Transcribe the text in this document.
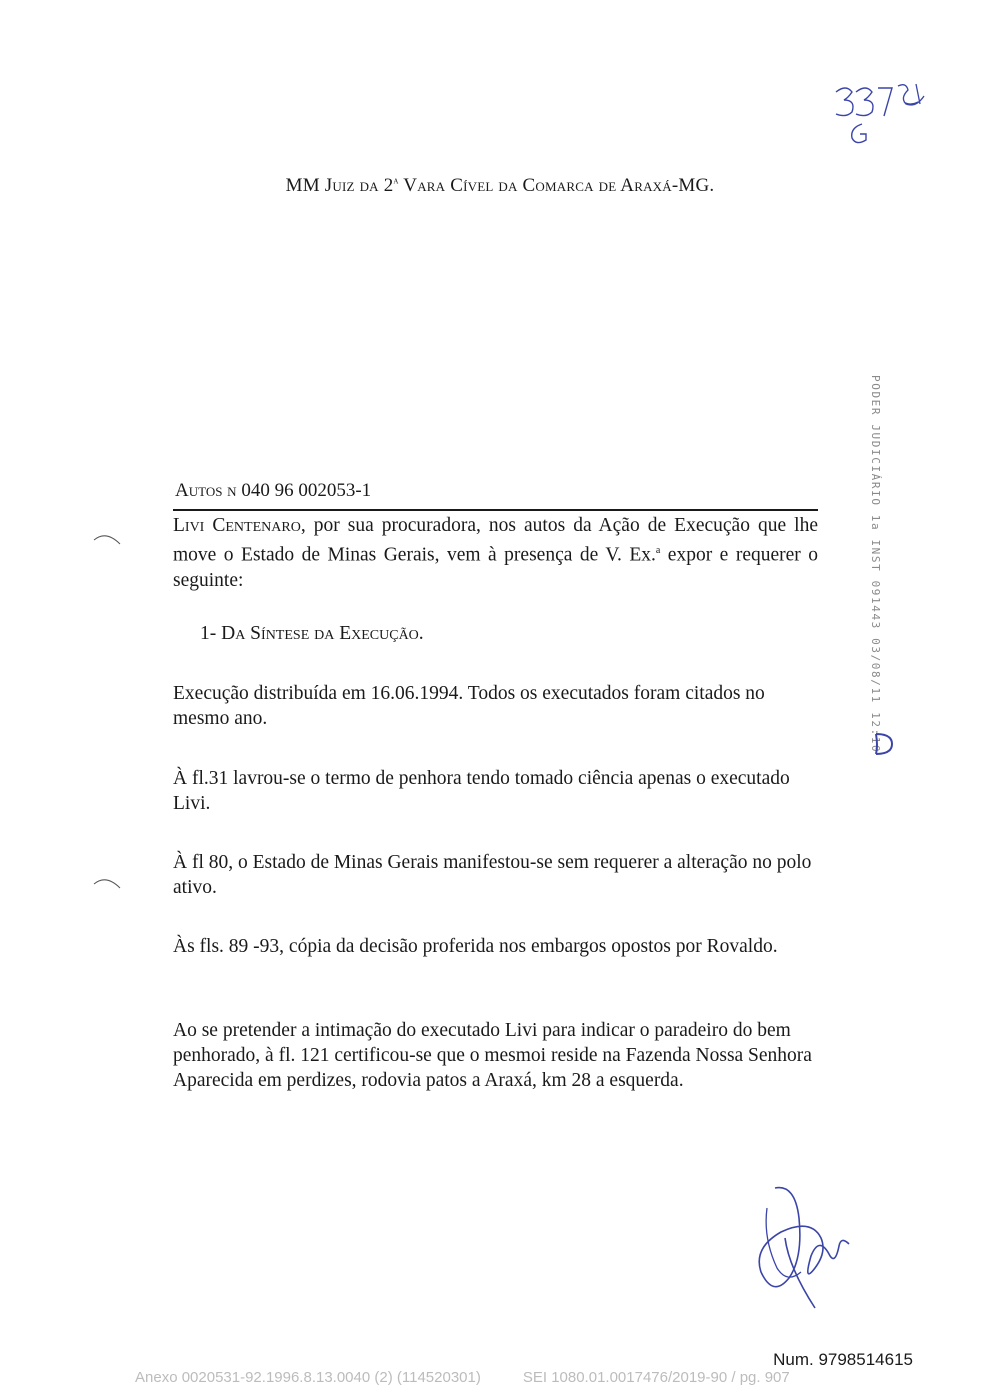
MM Juiz da 2$^a$ Vara Cível da Comarca de Araxá-MG.
Autos n 040 96 002053-1
Livi Centenaro, por sua procuradora, nos autos da Ação de Execução que lhe move o Estado de Minas Gerais, vem à presença de V. Ex.$^a$ expor e requerer o seguinte:
1- Da Síntese da Execução.
Execução distribuída em 16.06.1994. Todos os executados foram citados no mesmo ano.
À fl.31 lavrou-se o termo de penhora tendo tomado ciência apenas o executado Livi.
À fl 80, o Estado de Minas Gerais manifestou-se sem requerer a alteração no polo ativo.
Às fls. 89 -93, cópia da decisão proferida nos embargos opostos por Rovaldo.
Ao se pretender a intimação do executado Livi para indicar o paradeiro do bem penhorado, à fl. 121 certificou-se que o mesmoi reside na Fazenda Nossa Senhora Aparecida em perdizes, rodovia patos a Araxá, km 28 a esquerda.
PODER JUDICIÁRIO 1a INST 091443 03/08/11 12:10
Num. 9798514615
Anexo 0020531-92.1996.8.13.0040 (2) (114520301)	SEI 1080.01.0017476/2019-90 / pg. 907
